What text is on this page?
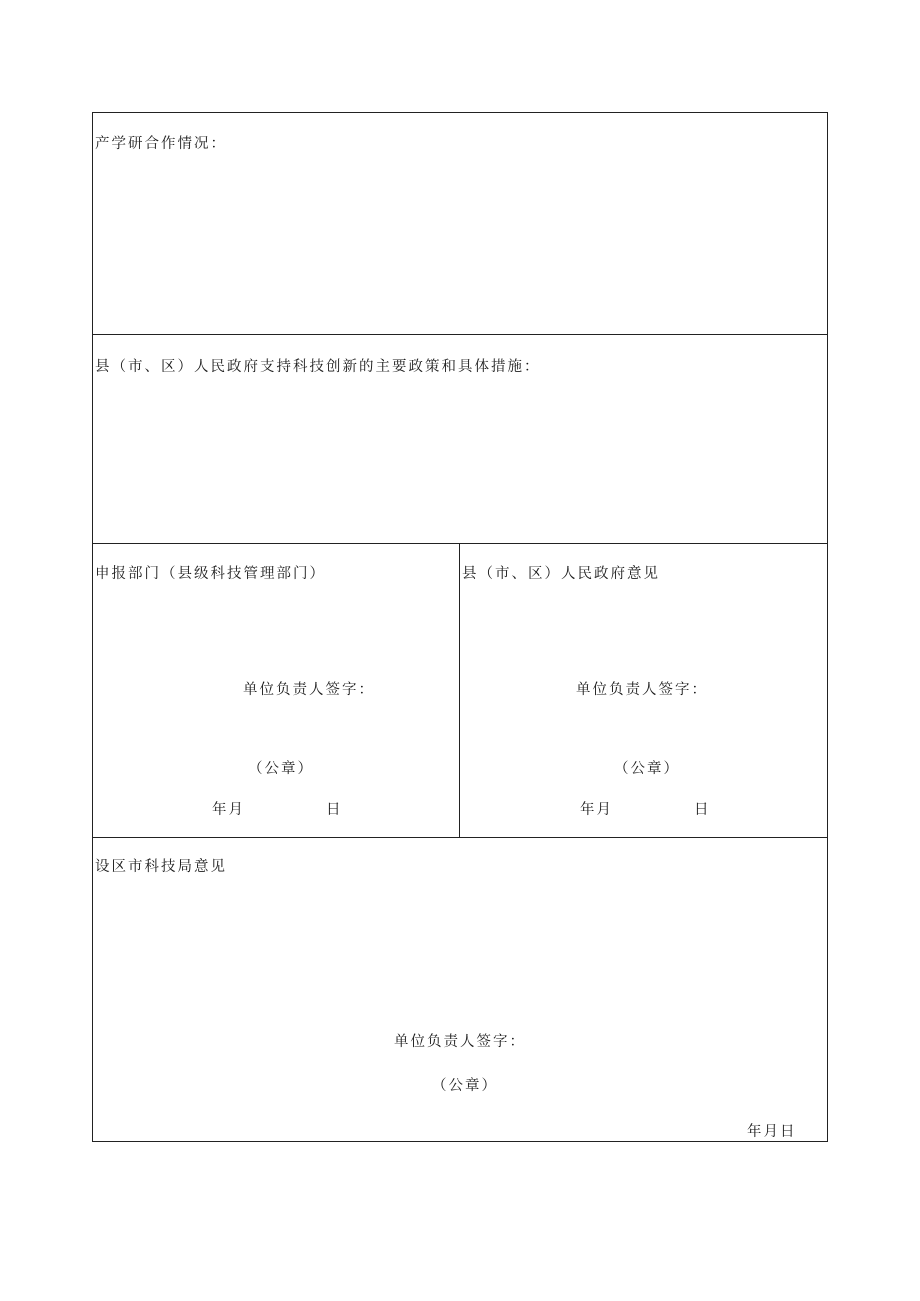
产学研合作情况：
县（市、区）人民政府支持科技创新的主要政策和具体措施：
申报部门（县级科技管理部门）
单位负责人签字：
（公章）
年月	日
县（市、区）人民政府意见
单位负责人签字：
（公章）
年月	日
设区市科技局意见
单位负责人签字：
（公章）
年月日
